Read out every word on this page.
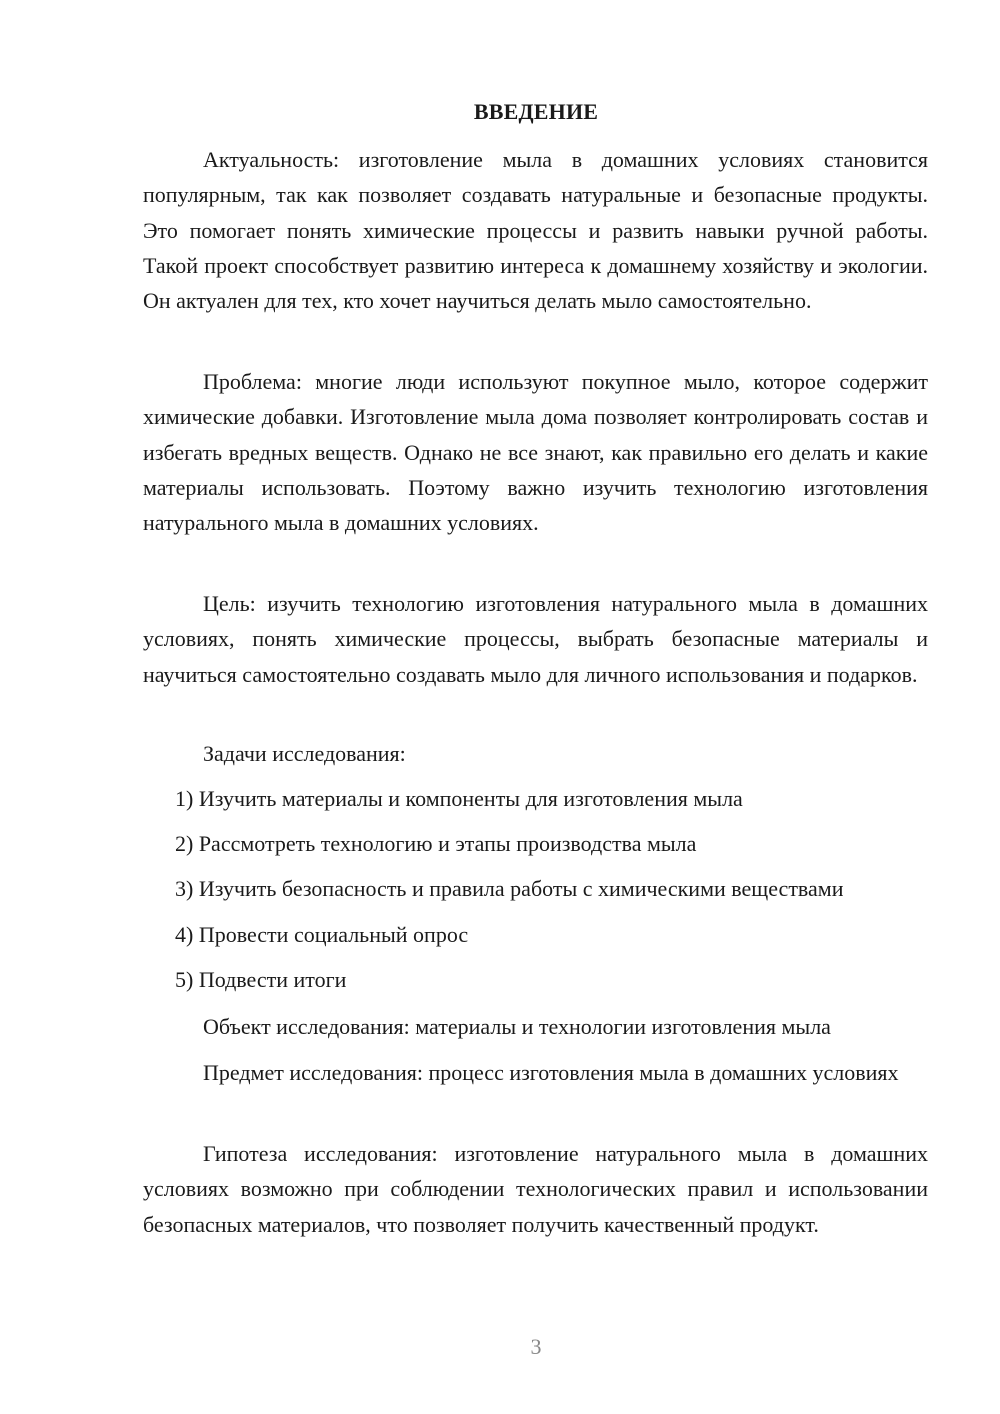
ВВЕДЕНИЕ

Актуальность: изготовление мыла в домашних условиях становится популярным, так как позволяет создавать натуральные и безопасные продукты. Это помогает понять химические процессы и развить навыки ручной работы. Такой проект способствует развитию интереса к домашнему хозяйству и экологии. Он актуален для тех, кто хочет научиться делать мыло самостоятельно.

Проблема: многие люди используют покупное мыло, которое содержит химические добавки. Изготовление мыла дома позволяет контролировать состав и избегать вредных веществ. Однако не все знают, как правильно его делать и какие материалы использовать. Поэтому важно изучить технологию изготовления натурального мыла в домашних условиях.

Цель: изучить технологию изготовления натурального мыла в домашних условиях, понять химические процессы, выбрать безопасные материалы и научиться самостоятельно создавать мыло для личного использования и подарков.

Задачи исследования:

1) Изучить материалы и компоненты для изготовления мыла

2) Рассмотреть технологию и этапы производства мыла

3) Изучить безопасность и правила работы с химическими веществами

4) Провести социальный опрос

5) Подвести итоги

Объект исследования: материалы и технологии изготовления мыла

Предмет исследования: процесс изготовления мыла в домашних условиях

Гипотеза исследования: изготовление натурального мыла в домашних условиях возможно при соблюдении технологических правил и использовании безопасных материалов, что позволяет получить качественный продукт.

3
